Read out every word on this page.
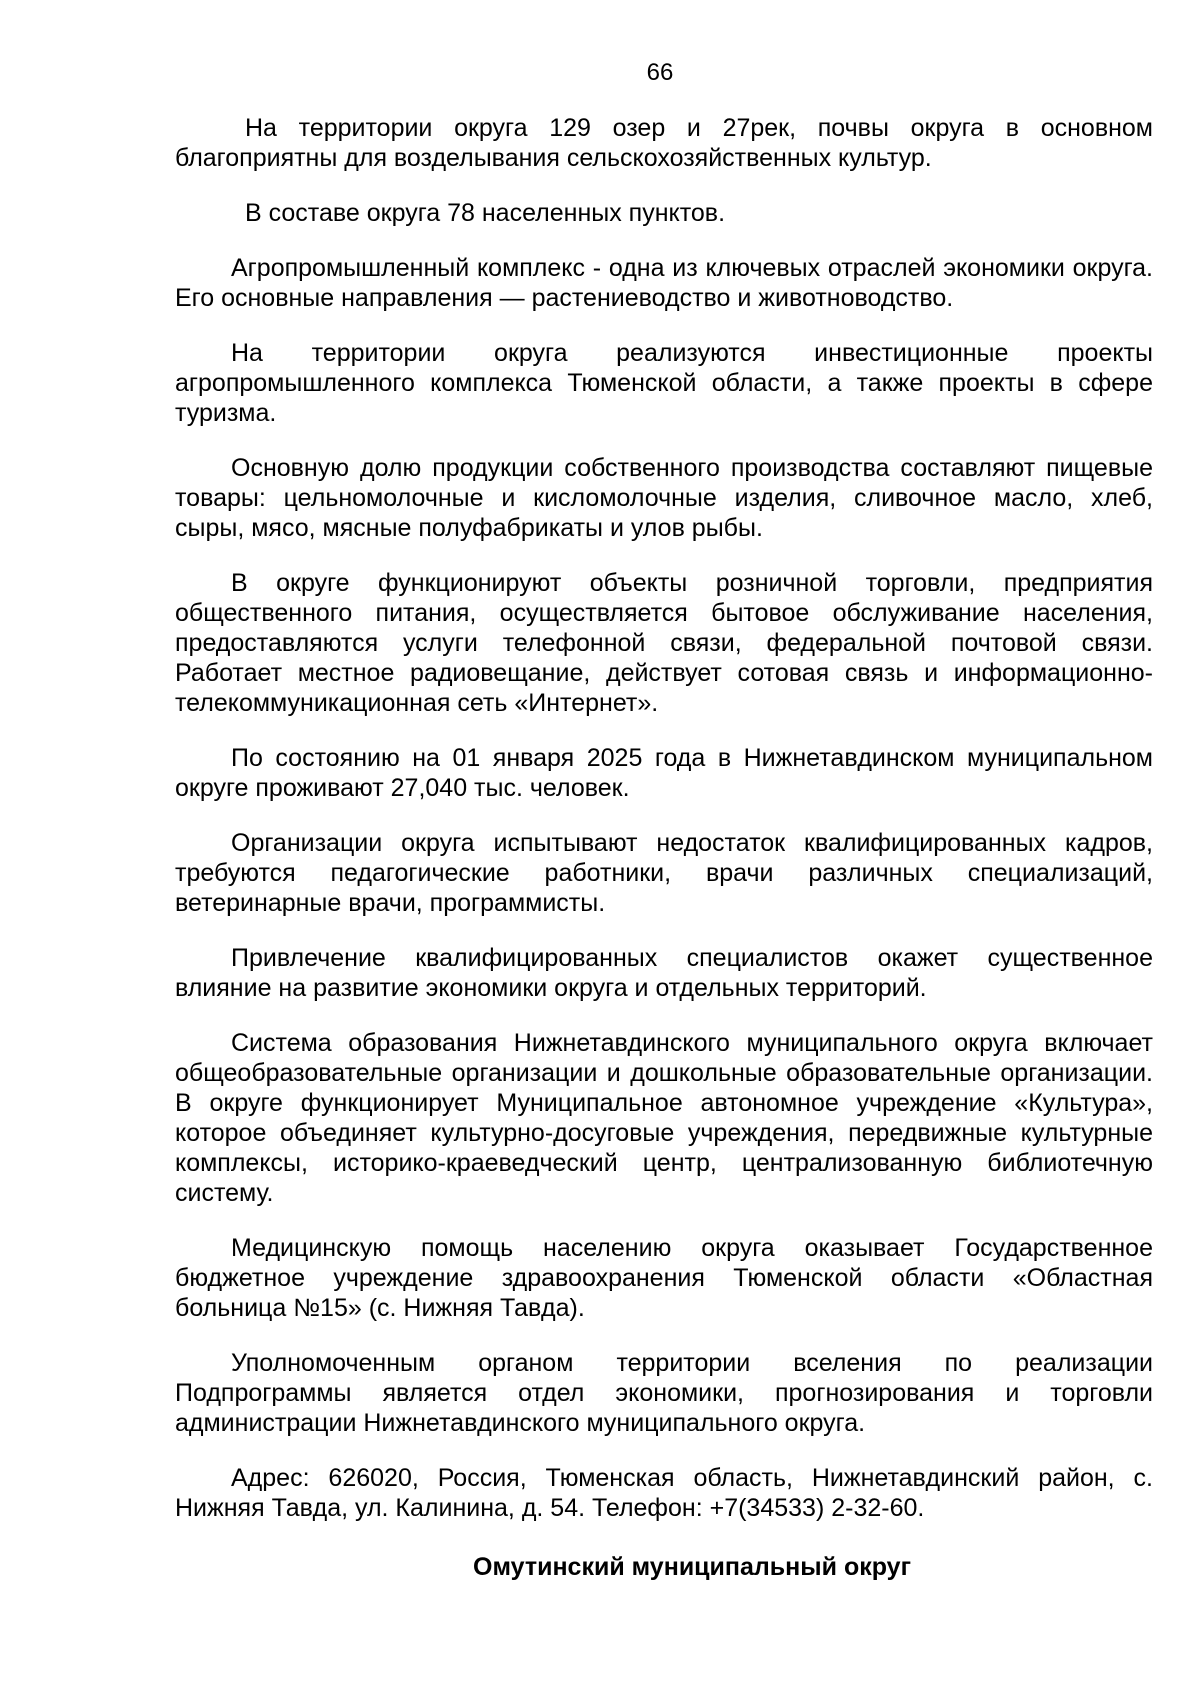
66

На территории округа 129 озер и 27рек, почвы округа в основном благоприятны для возделывания сельскохозяйственных культур.

В составе округа 78 населенных пунктов.

Агропромышленный комплекс - одна из ключевых отраслей экономики округа. Его основные направления — растениеводство и животноводство.

На территории округа реализуются инвестиционные проекты агропромышленного комплекса Тюменской области, а также проекты в сфере туризма.

Основную долю продукции собственного производства составляют пищевые товары: цельномолочные и кисломолочные изделия, сливочное масло, хлеб, сыры, мясо, мясные полуфабрикаты и улов рыбы.

В округе функционируют объекты розничной торговли, предприятия общественного питания, осуществляется бытовое обслуживание населения, предоставляются услуги телефонной связи, федеральной почтовой связи. Работает местное радиовещание, действует сотовая связь и информационно-телекоммуникационная сеть «Интернет».

По состоянию на 01 января 2025 года в Нижнетавдинском муниципальном округе проживают 27,040 тыс. человек.

Организации округа испытывают недостаток квалифицированных кадров, требуются педагогические работники, врачи различных специализаций, ветеринарные врачи, программисты.

Привлечение квалифицированных специалистов окажет существенное влияние на развитие экономики округа и отдельных территорий.

Система образования Нижнетавдинского муниципального округа включает общеобразовательные организации и дошкольные образовательные организации. В округе функционирует Муниципальное автономное учреждение «Культура», которое объединяет культурно-досуговые учреждения, передвижные культурные комплексы, историко-краеведческий центр, централизованную библиотечную систему.

Медицинскую помощь населению округа оказывает Государственное бюджетное учреждение здравоохранения Тюменской области «Областная больница №15» (с. Нижняя Тавда).

Уполномоченным органом территории вселения по реализации Подпрограммы является отдел экономики, прогнозирования и торговли администрации Нижнетавдинского муниципального округа.

Адрес: 626020, Россия, Тюменская область, Нижнетавдинский район, с. Нижняя Тавда, ул. Калинина, д. 54. Телефон: +7(34533) 2-32-60.

Омутинский муниципальный округ
